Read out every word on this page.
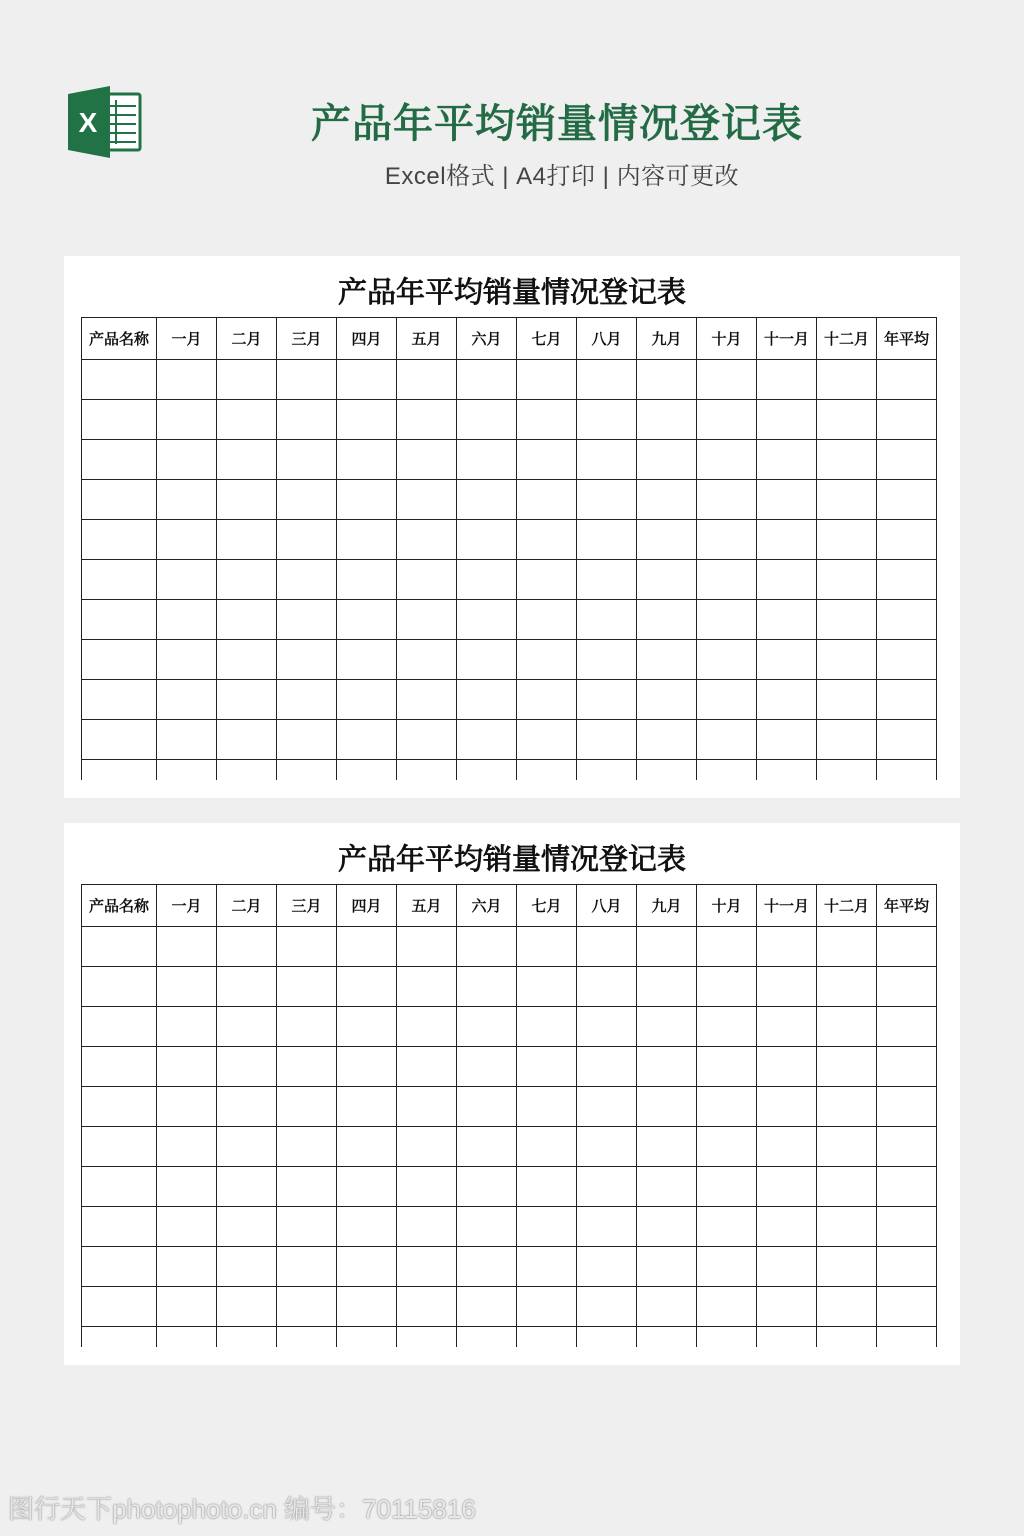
X	产品年平均销量情况登记表
Excel格式 | A4打印 | 内容可更改
产品年平均销量情况登记表
产品名称	一月	二月	三月	四月	五月	六月	七月	八月	九月	十月	十一月	十二月	年平均

产品年平均销量情况登记表
产品名称	一月	二月	三月	四月	五月	六月	七月	八月	九月	十月	十一月	十二月	年平均

图行天下photophoto.cn 编号：70115816
